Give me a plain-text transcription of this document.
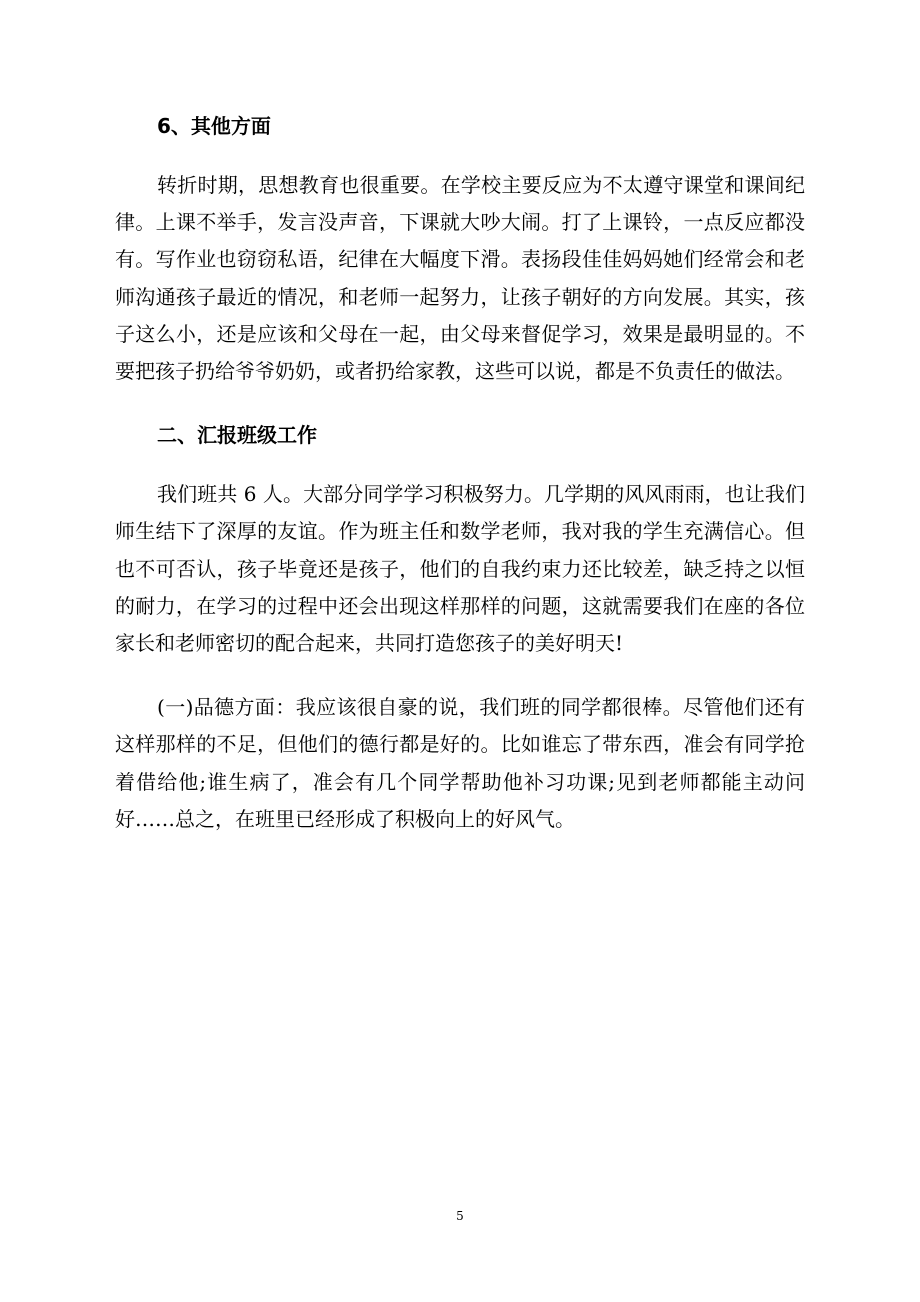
6、其他方面

转折时期，思想教育也很重要。在学校主要反应为不太遵守课堂和课间纪律。上课不举手，发言没声音，下课就大吵大闹。打了上课铃，一点反应都没有。写作业也窃窃私语，纪律在大幅度下滑。表扬段佳佳妈妈她们经常会和老师沟通孩子最近的情况，和老师一起努力，让孩子朝好的方向发展。其实，孩子这么小，还是应该和父母在一起，由父母来督促学习，效果是最明显的。不要把孩子扔给爷爷奶奶，或者扔给家教，这些可以说，都是不负责任的做法。

二、汇报班级工作

我们班共 6 人。大部分同学学习积极努力。几学期的风风雨雨，也让我们师生结下了深厚的友谊。作为班主任和数学老师，我对我的学生充满信心。但也不可否认，孩子毕竟还是孩子，他们的自我约束力还比较差，缺乏持之以恒的耐力，在学习的过程中还会出现这样那样的问题，这就需要我们在座的各位家长和老师密切的配合起来，共同打造您孩子的美好明天!

(一)品德方面：我应该很自豪的说，我们班的同学都很棒。尽管他们还有这样那样的不足，但他们的德行都是好的。比如谁忘了带东西，准会有同学抢着借给他;谁生病了，准会有几个同学帮助他补习功课;见到老师都能主动问好……总之，在班里已经形成了积极向上的好风气。

5
